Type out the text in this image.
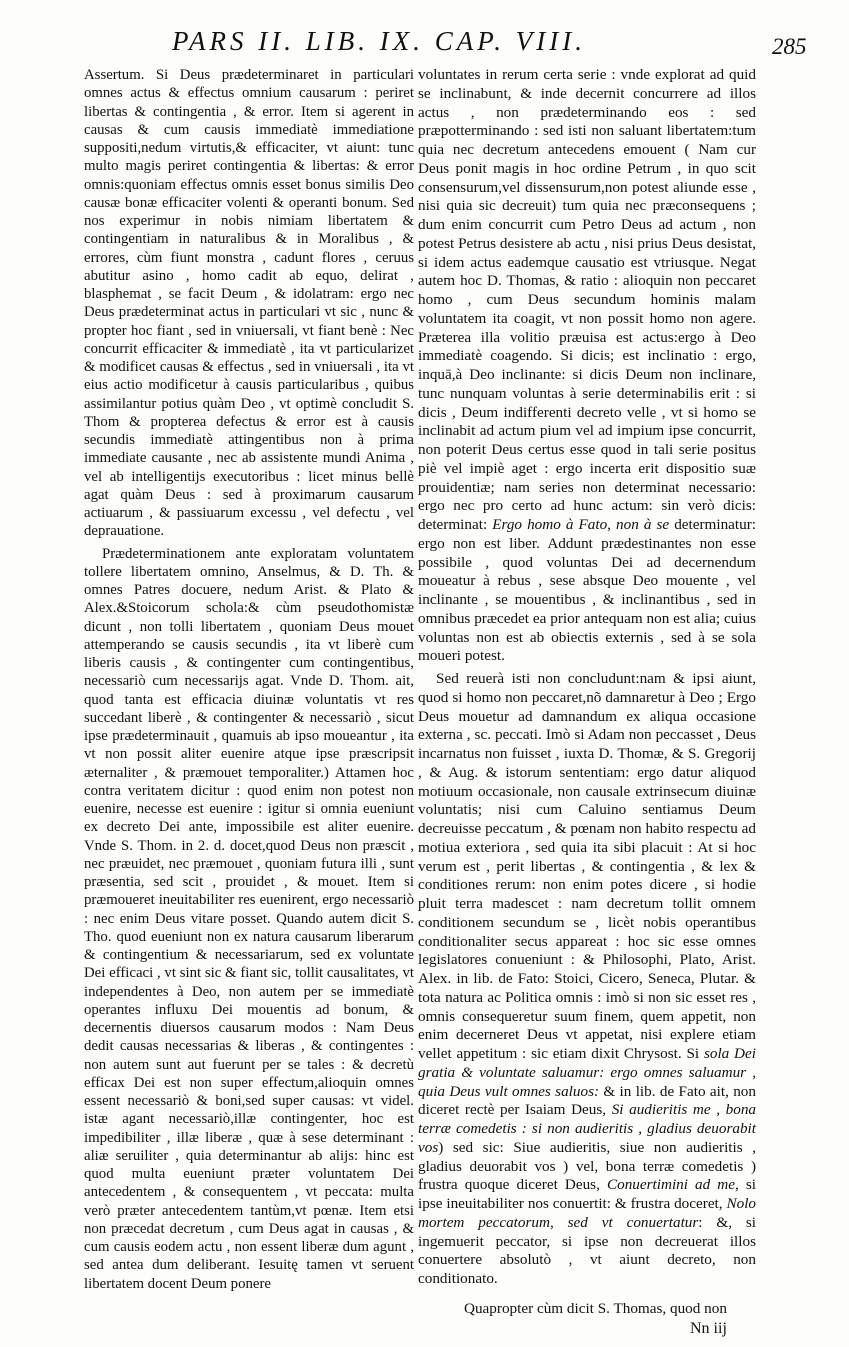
PARS II. LIB. IX. CAP. VIII.	285

Assertum. Si Deus prædeterminaret in particulari omnes actus & effectus omnium causarum : periret libertas & contingentia , & error. Item si agerent in causas & cum causis immediatè immediatione suppositi,nedum virtutis,& efficaciter, vt aiunt: tunc multo magis periret contingentia & libertas: & error omnis:quoniam effectus omnis esset bonus similis Deo causæ bonæ efficaciter volenti & operanti bonum. Sed nos experimur in nobis nimiam libertatem & contingentiam in naturalibus & in Moralibus , & errores, cùm fiunt monstra , cadunt flores , ceruus abutitur asino , homo cadit ab equo, delirat , blasphemat , se facit Deum , & idolatram: ergo nec Deus prædeterminat actus in particulari vt sic , nunc & propter hoc fiant , sed in vniuersali, vt fiant benè : Nec concurrit efficaciter & immediatè , ita vt particularizet & modificet causas & effectus , sed in vniuersali , ita vt eius actio modificetur à causis particularibus , quibus assimilantur potius quàm Deo , vt optimè concludit S. Thom & propterea defectus & error est à causis secundis immediatè attingentibus non à prima immediate causante , nec ab assistente mundi Anima , vel ab intelligentijs executoribus : licet minus bellè agat quàm Deus : sed à proximarum causarum actiuarum , & passiuarum excessu , vel defectu , vel deprauatione.

Prædeterminationem ante exploratam voluntatem tollere libertatem omnino, Anselmus, & D. Th. & omnes Patres docuere, nedum Arist. & Plato & Alex.&Stoicorum schola:& cùm pseudothomistæ dicunt , non tolli libertatem , quoniam Deus mouet attemperando se causis secundis , ita vt liberè cum liberis causis , & contingenter cum contingentibus, necessariò cum necessarijs agat. Vnde D. Thom. ait, quod tanta est efficacia diuinæ voluntatis vt res succedant liberè , & contingenter & necessariò , sicut ipse prædeterminauit , quamuis ab ipso moueantur , ita vt non possit aliter euenire atque ipse præscripsit æternaliter , & præmouet temporaliter.) Attamen hoc contra veritatem dicitur : quod enim non potest non euenire, necesse est euenire : igitur si omnia eueniunt ex decreto Dei ante, impossibile est aliter euenire. Vnde S. Thom. in 2. d. docet,quod Deus non præscit , nec præuidet, nec præmouet , quoniam futura illi , sunt præsentia, sed scit , prouidet , & mouet. Item si præmoueret ineuitabiliter res euenirent, ergo necessariò : nec enim Deus vitare posset. Quando autem dicit S. Tho. quod eueniunt non ex natura causarum liberarum & contingentium & necessariarum, sed ex voluntate Dei efficaci , vt sint sic & fiant sic, tollit causalitates, vt independentes à Deo, non autem per se immediatè operantes influxu Dei mouentis ad bonum, & decernentis diuersos causarum modos : Nam Deus dedit causas necessarias & liberas , & contingentes : non autem sunt aut fuerunt per se tales : & decretù efficax Dei est non super effectum,alioquin omnes essent necessariò & boni,sed super causas: vt videl. istæ agant necessariò,illæ contingenter, hoc est impedibiliter , illæ liberæ , quæ à sese determinant : aliæ seruiliter , quia determinantur ab alijs: hinc est quod multa eueniunt præter voluntatem Dei antecedentem , & consequentem , vt peccata: multa verò præter antecedentem tantùm,vt pœnæ. Item etsi non præcedat decretum , cum Deus agat in causas , & cum causis eodem actu , non essent liberæ dum agunt , sed antea dum deliberant. Iesuitę tamen vt seruent libertatem docent Deum ponere

voluntates in rerum certa serie : vnde explorat ad quid se inclinabunt, & inde decernit concurrere ad illos actus , non prædeterminando eos : sed præpotterminando : sed isti non saluant libertatem:tum quia nec decretum antecedens emouent ( Nam cur Deus ponit magis in hoc ordine Petrum , in quo scit consensurum,vel dissensurum,non potest aliunde esse , nisi quia sic decreuit) tum quia nec præconsequens ; dum enim concurrit cum Petro Deus ad actum , non potest Petrus desistere ab actu , nisi prius Deus desistat, si idem actus eademque causatio est vtriusque. Negat autem hoc D. Thomas, & ratio : alioquin non peccaret homo , cum Deus secundum hominis malam voluntatem ita coagit, vt non possit homo non agere. Præterea illa volitio præuisa est actus:ergo à Deo immediatè coagendo. Si dicis; est inclinatio : ergo, inquā,à Deo inclinante: si dicis Deum non inclinare, tunc nunquam voluntas à serie determinabilis erit : si dicis , Deum indifferenti decreto velle , vt si homo se inclinabit ad actum pium vel ad impium ipse concurrit, non poterit Deus certus esse quod in tali serie positus piè vel impiè aget : ergo incerta erit dispositio suæ prouidentiæ; nam series non determinat necessario: ergo nec pro certo ad hunc actum: sin verò dicis: determinat: Ergo homo à Fato, non à se determinatur: ergo non est liber. Addunt prædestinantes non esse possibile , quod voluntas Dei ad decernendum moueatur à rebus , sese absque Deo mouente , vel inclinante , se mouentibus , & inclinantibus , sed in omnibus præcedet ea prior antequam non est alia; cuius voluntas non est ab obiectis externis , sed à se sola moueri potest.

Sed reuerà isti non concludunt:nam & ipsi aiunt, quod si homo non peccaret,nõ damnaretur à Deo ; Ergo Deus mouetur ad damnandum ex aliqua occasione externa , sc. peccati. Imò si Adam non peccasset , Deus incarnatus non fuisset , iuxta D. Thomæ, & S. Gregorij , & Aug. & istorum sententiam: ergo datur aliquod motiuum occasionale, non causale extrinsecum diuinæ voluntatis; nisi cum Caluino sentiamus Deum decreuisse peccatum , & pœnam non habito respectu ad motiua exteriora , sed quia ita sibi placuit : At si hoc verum est , perit libertas , & contingentia , & lex & conditiones rerum: non enim potes dicere , si hodie pluit terra madescet : nam decretum tollit omnem conditionem secundum se , licèt nobis operantibus conditionaliter secus appareat : hoc sic esse omnes legislatores conueniunt : & Philosophi, Plato, Arist. Alex. in lib. de Fato: Stoici, Cicero, Seneca, Plutar. & tota natura ac Politica omnis : imò si non sic esset res , omnis consequeretur suum finem, quem appetit, non enim decerneret Deus vt appetat, nisi explere etiam vellet appetitum : sic etiam dixit Chrysost. Si sola Dei gratia & voluntate saluamur: ergo omnes saluamur , quia Deus vult omnes saluos: & in lib. de Fato ait, non diceret rectè per Isaiam Deus, Si audieritis me , bona terræ comedetis : si non audieritis , gladius deuorabit vos) sed sic: Siue audieritis, siue non audieritis , gladius deuorabit vos ) vel, bona terræ comedetis ) frustra quoque diceret Deus, Conuertimini ad me, si ipse ineuitabiliter nos conuertit: & frustra doceret, Nolo mortem peccatorum, sed vt conuertatur: &, si ingemuerit peccator, si ipse non decreuerat illos conuertere absolutò , vt aiunt decreto, non conditionato.

Quapropter cùm dicit S. Thomas, quod non
Nn iij
